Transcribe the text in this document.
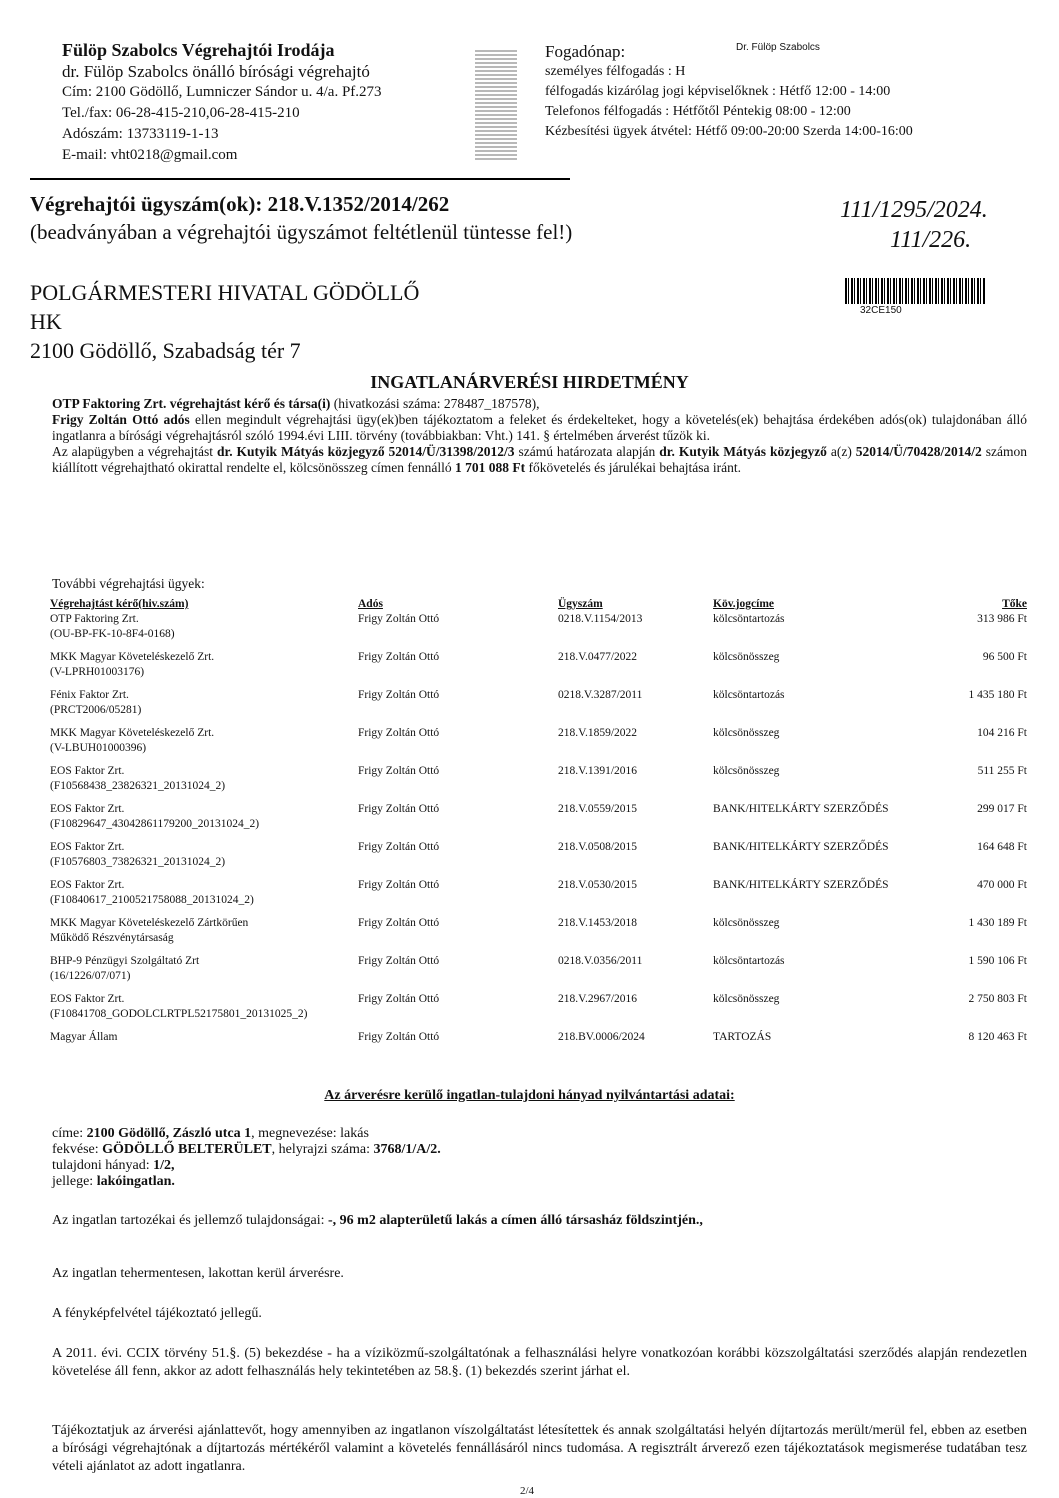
Fülöp Szabolcs Végrehajtói Irodája
dr. Fülöp Szabolcs önálló bírósági végrehajtó
Cím: 2100 Gödöllő, Lumniczer Sándor u. 4/a. Pf.273
Tel./fax: 06-28-415-210,06-28-415-210
Adószám: 13733119-1-13
E-mail: vht0218@gmail.com
Fogadónap:
személyes félfogadás : H
félfogadás kizárólag jogi képviselőknek : Hétfő 12:00 - 14:00
Telefonos félfogadás : Hétfőtől Péntekig 08:00 - 12:00
Kézbesítési ügyek átvétel: Hétfő 09:00-20:00 Szerda 14:00-16:00
Dr. Fülöp Szabolcs
Végrehajtói ügyszám(ok): 218.V.1352/2014/262
(beadványában a végrehajtói ügyszámot feltétlenül tüntesse fel!)
111/1295/2024.
111/226.
POLGÁRMESTERI HIVATAL GÖDÖLLŐ
HK
2100 Gödöllő, Szabadság tér 7
32CE150
INGATLANÁRVERÉSI HIRDETMÉNY
OTP Faktoring Zrt. végrehajtást kérő és társa(i) (hivatkozási száma: 278487_187578),
Frigy Zoltán Ottó adós ellen megindult végrehajtási ügy(ek)ben tájékoztatom a feleket és érdekelteket, hogy a követelés(ek) behajtása érdekében adós(ok) tulajdonában álló ingatlanra a bírósági végrehajtásról szóló 1994.évi LIII. törvény (továbbiakban: Vht.) 141. § értelmében árverést tűzök ki.
Az alapügyben a végrehajtást dr. Kutyik Mátyás közjegyző 52014/Ü/31398/2012/3 számú határozata alapján dr. Kutyik Mátyás közjegyző a(z) 52014/Ü/70428/2014/2 számon kiállított végrehajtható okirattal rendelte el, kölcsönösszeg címen fennálló 1 701 088 Ft főkövetelés és járulékai behajtása iránt.
További végrehajtási ügyek:
Végrehajtást kérő(hiv.szám)	Adós	Ügyszám	Köv.jogcíme	Tőke

OTP Faktoring Zrt.
(OU-BP-FK-10-8F4-0168)	Frigy Zoltán Ottó	0218.V.1154/2013	kölcsöntartozás	313 986 Ft

MKK Magyar Követeléskezelő Zrt.
(V-LPRH01003176)	Frigy Zoltán Ottó	218.V.0477/2022	kölcsönösszeg	96 500 Ft

Fénix Faktor Zrt.
(PRCT2006/05281)	Frigy Zoltán Ottó	0218.V.3287/2011	kölcsöntartozás	1 435 180 Ft

MKK Magyar Követeléskezelő Zrt.
(V-LBUH01000396)	Frigy Zoltán Ottó	218.V.1859/2022	kölcsönösszeg	104 216 Ft

EOS Faktor Zrt.
(F10568438_23826321_20131024_2)	Frigy Zoltán Ottó	218.V.1391/2016	kölcsönösszeg	511 255 Ft

EOS Faktor Zrt.
(F10829647_43042861179200_20131024_2)	Frigy Zoltán Ottó	218.V.0559/2015	BANK/HITELKÁRTY SZERZŐDÉS	299 017 Ft

EOS Faktor Zrt.
(F10576803_73826321_20131024_2)	Frigy Zoltán Ottó	218.V.0508/2015	BANK/HITELKÁRTY SZERZŐDÉS	164 648 Ft

EOS Faktor Zrt.
(F10840617_2100521758088_20131024_2)	Frigy Zoltán Ottó	218.V.0530/2015	BANK/HITELKÁRTY SZERZŐDÉS	470 000 Ft

MKK Magyar Követeléskezelő Zártkörűen
Működő Részvénytársaság	Frigy Zoltán Ottó	218.V.1453/2018	kölcsönösszeg	1 430 189 Ft

BHP-9 Pénzügyi Szolgáltató Zrt
(16/1226/07/071)	Frigy Zoltán Ottó	0218.V.0356/2011	kölcsöntartozás	1 590 106 Ft

EOS Faktor Zrt.
(F10841708_GODOLCLRTPL52175801_20131025_2)	Frigy Zoltán Ottó	218.V.2967/2016	kölcsönösszeg	2 750 803 Ft

Magyar Állam	Frigy Zoltán Ottó	218.BV.0006/2024	TARTOZÁS	8 120 463 Ft
Az árverésre kerülő ingatlan-tulajdoni hányad nyilvántartási adatai:
címe: 2100 Gödöllő, Zászló utca 1, megnevezése: lakás
fekvése: GÖDÖLLŐ BELTERÜLET, helyrajzi száma: 3768/1/A/2.
tulajdoni hányad: 1/2,
jellege: lakóingatlan.
Az ingatlan tartozékai és jellemző tulajdonságai: -, 96 m2 alapterületű lakás a címen álló társasház földszintjén.,
Az ingatlan tehermentesen, lakottan kerül árverésre.
A fényképfelvétel tájékoztató jellegű.
A 2011. évi. CCIX törvény 51.§. (5) bekezdése - ha a víziközmű-szolgáltatónak a felhasználási helyre vonatkozóan korábbi közszolgáltatási szerződés alapján rendezetlen követelése áll fenn, akkor az adott felhasználás hely tekintetében az 58.§. (1) bekezdés szerint járhat el.
Tájékoztatjuk az árverési ajánlattevőt, hogy amennyiben az ingatlanon víszolgáltatást létesítettek és annak szolgáltatási helyén díjtartozás merült/merül fel, ebben az esetben a bírósági végrehajtónak a díjtartozás mértékéről valamint a követelés fennállásáról nincs tudomása. A regisztrált árverező ezen tájékoztatások megismerése tudatában tesz vételi ajánlatot az adott ingatlanra.
2/4
